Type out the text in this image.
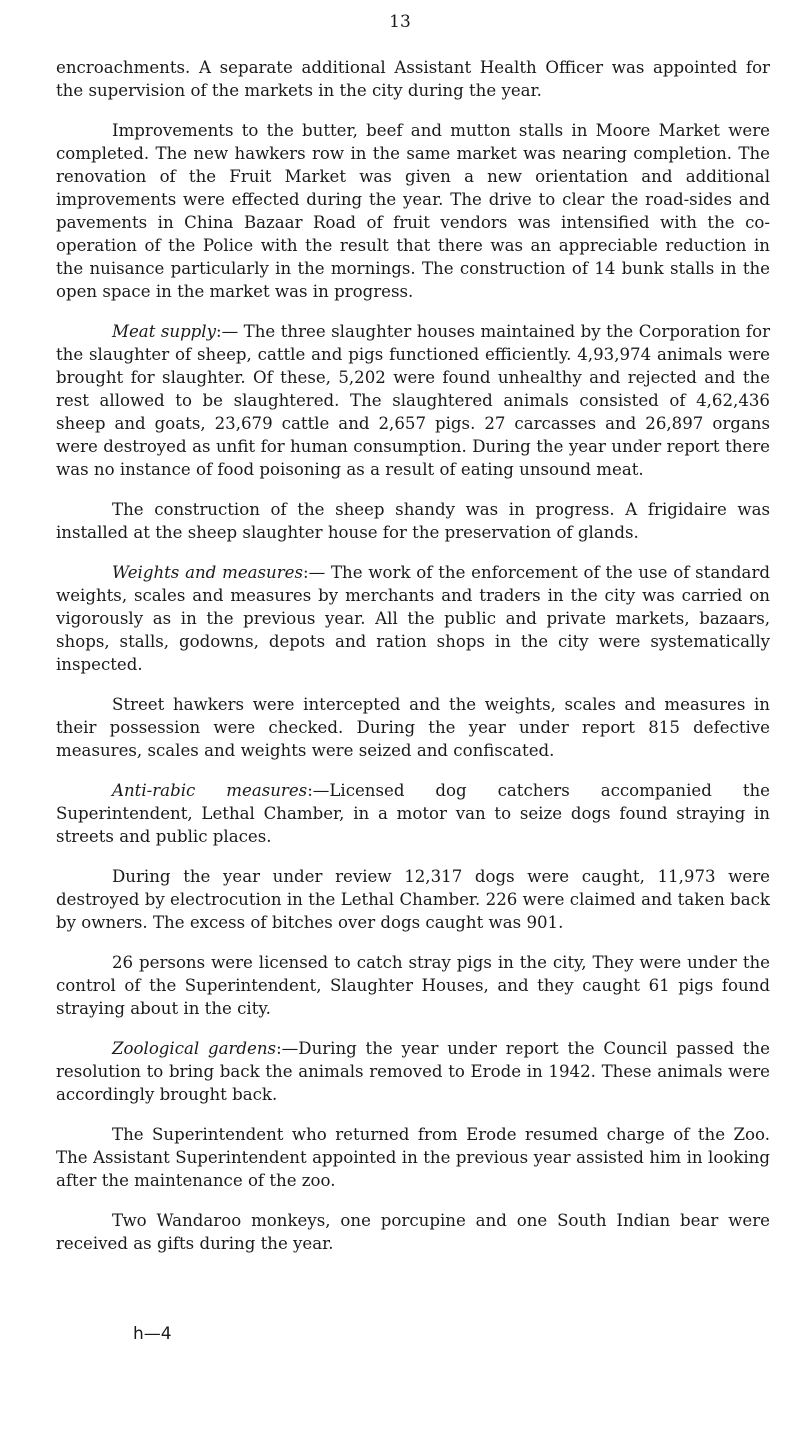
13

encroachments. A separate additional Assistant Health Officer was appointed for the supervision of the markets in the city during the year.

Improvements to the butter, beef and mutton stalls in Moore Market were completed. The new hawkers row in the same market was nearing completion. The renovation of the Fruit Market was given a new orientation and additional improvements were effected during the year. The drive to clear the road-sides and pavements in China Bazaar Road of fruit vendors was intensified with the co-operation of the Police with the result that there was an appreciable reduction in the nuisance particularly in the mornings. The construction of 14 bunk stalls in the open space in the market was in progress.

Meat supply:— The three slaughter houses maintained by the Corporation for the slaughter of sheep, cattle and pigs functioned efficiently. 4,93,974 animals were brought for slaughter. Of these, 5,202 were found unhealthy and rejected and the rest allowed to be slaughtered. The slaughtered animals consisted of 4,62,436 sheep and goats, 23,679 cattle and 2,657 pigs. 27 carcasses and 26,897 organs were destroyed as unfit for human consumption. During the year under report there was no instance of food poisoning as a result of eating unsound meat.

The construction of the sheep shandy was in progress. A frigidaire was installed at the sheep slaughter house for the preservation of glands.

Weights and measures:— The work of the enforcement of the use of standard weights, scales and measures by merchants and traders in the city was carried on vigorously as in the previous year. All the public and private markets, bazaars, shops, stalls, godowns, depots and ration shops in the city were systematically inspected.

Street hawkers were intercepted and the weights, scales and measures in their possession were checked. During the year under report 815 defective measures, scales and weights were seized and confiscated.

Anti-rabic measures:—Licensed dog catchers accompanied the Superintendent, Lethal Chamber, in a motor van to seize dogs found straying in streets and public places.

During the year under review 12,317 dogs were caught, 11,973 were destroyed by electrocution in the Lethal Chamber. 226 were claimed and taken back by owners. The excess of bitches over dogs caught was 901.

26 persons were licensed to catch stray pigs in the city, They were under the control of the Superintendent, Slaughter Houses, and they caught 61 pigs found straying about in the city.

Zoological gardens:—During the year under report the Council passed the resolution to bring back the animals removed to Erode in 1942. These animals were accordingly brought back.

The Superintendent who returned from Erode resumed charge of the Zoo. The Assistant Superintendent appointed in the previous year assisted him in looking after the maintenance of the zoo.

Two Wandaroo monkeys, one porcupine and one South Indian bear were received as gifts during the year.

h—4
